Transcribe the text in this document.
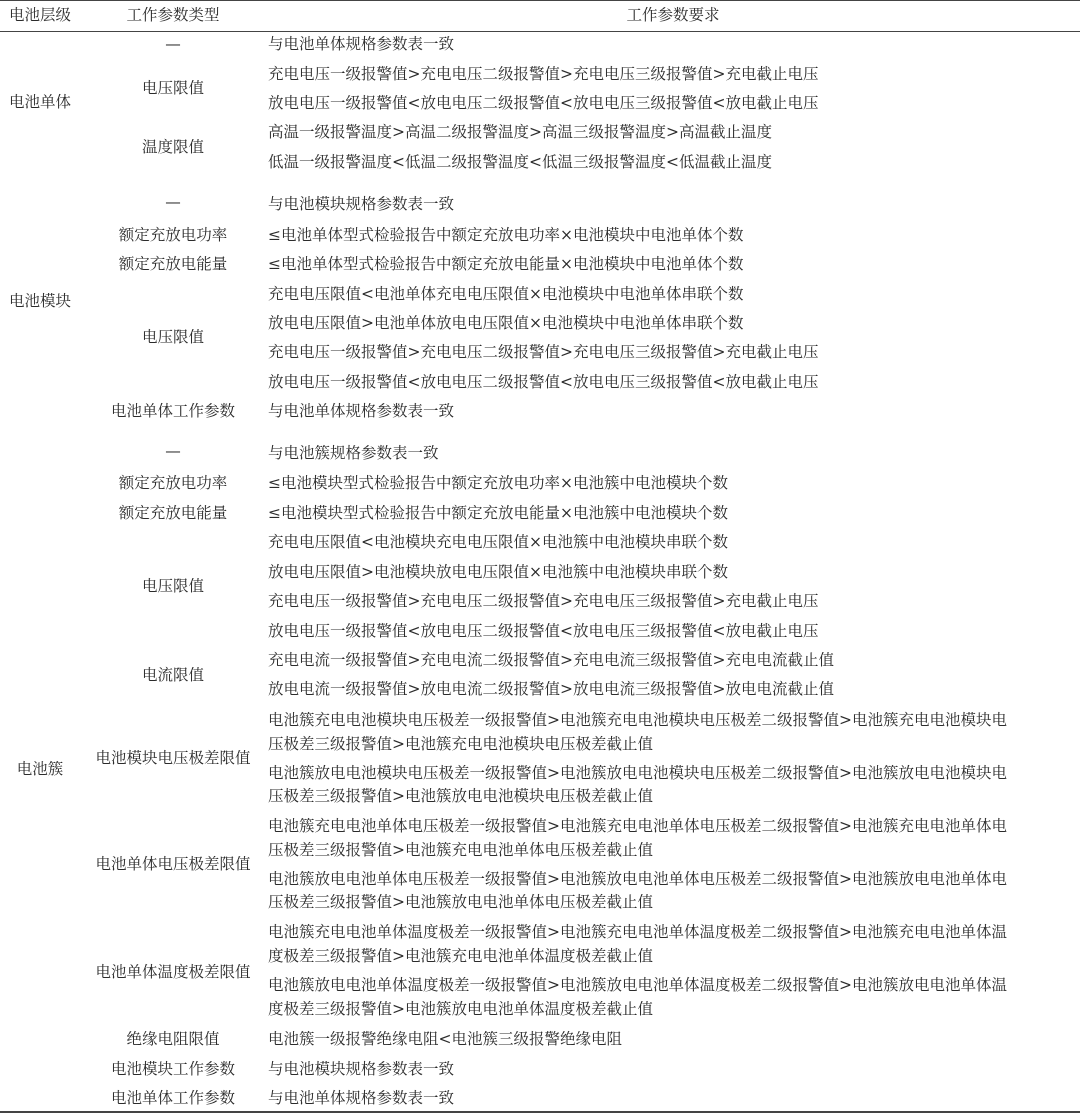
电池层级	工作参数类型	工作参数要求
电池单体
电池模块
电池簇
—
电压限值
温度限值
—
额定充放电功率
额定充放电能量
电压限值
电池单体工作参数
—
额定充放电功率
额定充放电能量
电压限值
电流限值
电池模块电压极差限值
电池单体电压极差限值
电池单体温度极差限值
绝缘电阻限值
电池模块工作参数
电池单体工作参数
与电池单体规格参数表一致
充电电压一级报警值>充电电压二级报警值>充电电压三级报警值>充电截止电压
放电电压一级报警值<放电电压二级报警值<放电电压三级报警值<放电截止电压
高温一级报警温度>高温二级报警温度>高温三级报警温度>高温截止温度
低温一级报警温度<低温二级报警温度<低温三级报警温度<低温截止温度
与电池模块规格参数表一致
≤电池单体型式检验报告中额定充放电功率×电池模块中电池单体个数
≤电池单体型式检验报告中额定充放电能量×电池模块中电池单体个数
充电电压限值<电池单体充电电压限值×电池模块中电池单体串联个数
放电电压限值>电池单体放电电压限值×电池模块中电池单体串联个数
充电电压一级报警值>充电电压二级报警值>充电电压三级报警值>充电截止电压
放电电压一级报警值<放电电压二级报警值<放电电压三级报警值<放电截止电压
与电池单体规格参数表一致
与电池簇规格参数表一致
≤电池模块型式检验报告中额定充放电功率×电池簇中电池模块个数
≤电池模块型式检验报告中额定充放电能量×电池簇中电池模块个数
充电电压限值<电池模块充电电压限值×电池簇中电池模块串联个数
放电电压限值>电池模块放电电压限值×电池簇中电池模块串联个数
充电电压一级报警值>充电电压二级报警值>充电电压三级报警值>充电截止电压
放电电压一级报警值<放电电压二级报警值<放电电压三级报警值<放电截止电压
充电电流一级报警值>充电电流二级报警值>充电电流三级报警值>充电电流截止值
放电电流一级报警值>放电电流二级报警值>放电电流三级报警值>放电电流截止值
电池簇充电电池模块电压极差一级报警值>电池簇充电电池模块电压极差二级报警值>电池簇充电电池模块电
压极差三级报警值>电池簇充电电池模块电压极差截止值
电池簇放电电池模块电压极差一级报警值>电池簇放电电池模块电压极差二级报警值>电池簇放电电池模块电
压极差三级报警值>电池簇放电电池模块电压极差截止值
电池簇充电电池单体电压极差一级报警值>电池簇充电电池单体电压极差二级报警值>电池簇充电电池单体电
压极差三级报警值>电池簇充电电池单体电压极差截止值
电池簇放电电池单体电压极差一级报警值>电池簇放电电池单体电压极差二级报警值>电池簇放电电池单体电
压极差三级报警值>电池簇放电电池单体电压极差截止值
电池簇充电电池单体温度极差一级报警值>电池簇充电电池单体温度极差二级报警值>电池簇充电电池单体温
度极差三级报警值>电池簇充电电池单体温度极差截止值
电池簇放电电池单体温度极差一级报警值>电池簇放电电池单体温度极差二级报警值>电池簇放电电池单体温
度极差三级报警值>电池簇放电电池单体温度极差截止值
电池簇一级报警绝缘电阻<电池簇三级报警绝缘电阻
与电池模块规格参数表一致
与电池单体规格参数表一致
